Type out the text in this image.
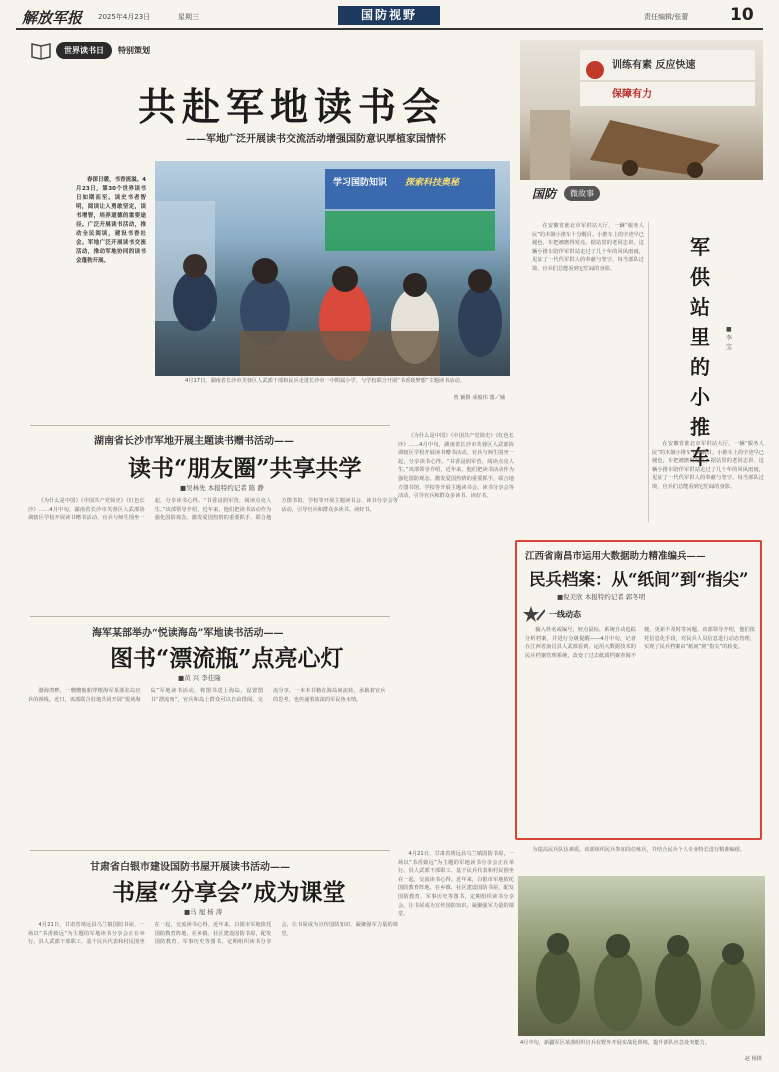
解放军报 2025年4月23日	星期三	国防视野	责任编辑/张蕾 10
世界读书日	特别策划
共赴军地读书会
——军地广泛开展读书交流活动增强国防意识厚植家国情怀

春深日暖，书香流溢。4月23日，第30个世界读书日如期而至。读史书者智明，阅读让人勇敢坚定，读书增智，培养道德的重要途径。广泛开展读书活动，推动全民阅读，建设书香社会。军地广泛开展读书交流活动，推动军地协同的读书会蓬勃开展。

学习国防知识 探索科技奥秘
4月17日，湖南省长沙市芙蓉区人武部干部和民兵走进长沙市一中附属小学，与学校联合开展“书香致梦想”主题读书活动。
曾 颖摄 成俊伟 图／辅
训练有素 反应快速
保障有力
国防	微故事

在安徽省淮北市军供站大厅，一辆“服务人民”的木制小推车十分醒目。小推车上的字迹早已褪色，车把被磨得发亮。据站里的老同志讲，这辆小推车陪伴军供站走过了几十年的风风雨雨，见证了一代代军供人的奉献与坚守。每当部队过境，官兵们总能看到它忙碌的身影。

军供站里的小推车
■ 李 宝

在安徽省淮北市军供站大厅，一辆“服务人民”的木制小推车十分醒目。小推车上的字迹早已褪色，车把被磨得发亮。据站里的老同志讲，这辆小推车陪伴军供站走过了几十年的风风雨雨，见证了一代代军供人的奉献与坚守。每当部队过境，官兵们总能看到它忙碌的身影。

湖南省长沙市军地开展主题读书赠书活动——
读书“朋友圈”共享共学
■吴林先 本报特约记者 陈 静

《为什么是中国》《中国共产党简史》《红色长沙》……4月中旬，湖南省长沙市芙蓉区人武部协调辖区学校开展读书赠书活动。官兵与师生围坐一起，分享读书心得。“书香浸润军营，阅读点亮人生。”该部领导介绍，近年来，他们把读书活动作为强化国防观念、激发爱国热情的重要抓手，联合地方图书馆、学校等开展主题读书会、读书分享会等活动，引导官兵和群众多读书、读好书。

《为什么是中国》《中国共产党简史》《红色长沙》……4月中旬，湖南省长沙市芙蓉区人武部协调辖区学校开展读书赠书活动。官兵与师生围坐一起，分享读书心得。“书香浸润军营，阅读点亮人生。”该部领导介绍，近年来，他们把读书活动作为强化国防观念、激发爱国热情的重要抓手，联合地方图书馆、学校等开展主题读书会、读书分享会等活动，引导官兵和群众多读书、读好书。

海军某部举办“悦读海岛”军地读书活动——
图书“漂流瓶”点亮心灯
■黄 兴 李佳隆

渤海湾畔，一艘艘船舶穿梭海军某部驻岛官兵的视线。近日，该部联合驻地共同开展“悦读海岛”军地读书活动，将图书送上海岛，设置图书“漂流角”，官兵和岛上群众可以自由借阅、交流分享。一本本书籍在海岛间流转，承载着官兵的思考，也传递着浓浓的军民鱼水情。

江西省南昌市运用大数据助力精准编兵——
民兵档案：从“纸间”到“指尖”
■倪美欣 本报特约记者 郭冬明
一线动态

输入姓名或编号，轻点鼠标，系统自动追踪分析档案，并进行分级提醒——4月中旬，记者在江西省南昌县人武部看到，运用大数据技术的民兵档案管理系统，改变了过去纸质档案查阅不便、更新不及时等问题。该部领导介绍，他们依托信息化手段，对民兵人员信息进行动态管理，实现了民兵档案由“纸间”到“指尖”的转变。

甘肃省白银市建设国防书屋开展读书活动——
书屋“分享会”成为课堂
■马 旭 杨 涛

4月21日，甘肃省靖远县乌兰镇国防书屋，一场以“书香致远”为主题的军地读书分享会正在举行。县人武部干部职工、基干民兵代表和村民围坐在一起，交流读书心得。近年来，白银市军地依托国防教育阵地，在乡镇、社区建设国防书屋，配发国防教育、军事历史等图书，定期组织读书分享会，让书屋成为宣传国防知识、凝聚强军力量的课堂。

4月21日，甘肃省靖远县乌兰镇国防书屋，一场以“书香致远”为主题的军地读书分享会正在举行。县人武部干部职工、基干民兵代表和村民围坐在一起，交流读书心得。近年来，白银市军地依托国防教育阵地，在乡镇、社区建设国防书屋，配发国防教育、军事历史等图书，定期组织读书分享会，让书屋成为宣传国防知识、凝聚强军力量的课堂。

为提高民兵队伍素质，该部组织民兵参加岗位练兵，并结合民兵个人专业特长进行精准编组。

4月中旬，新疆军区某部组织官兵在野外开展实战化训练，提升部队应急处突能力。
赵 杨摄
